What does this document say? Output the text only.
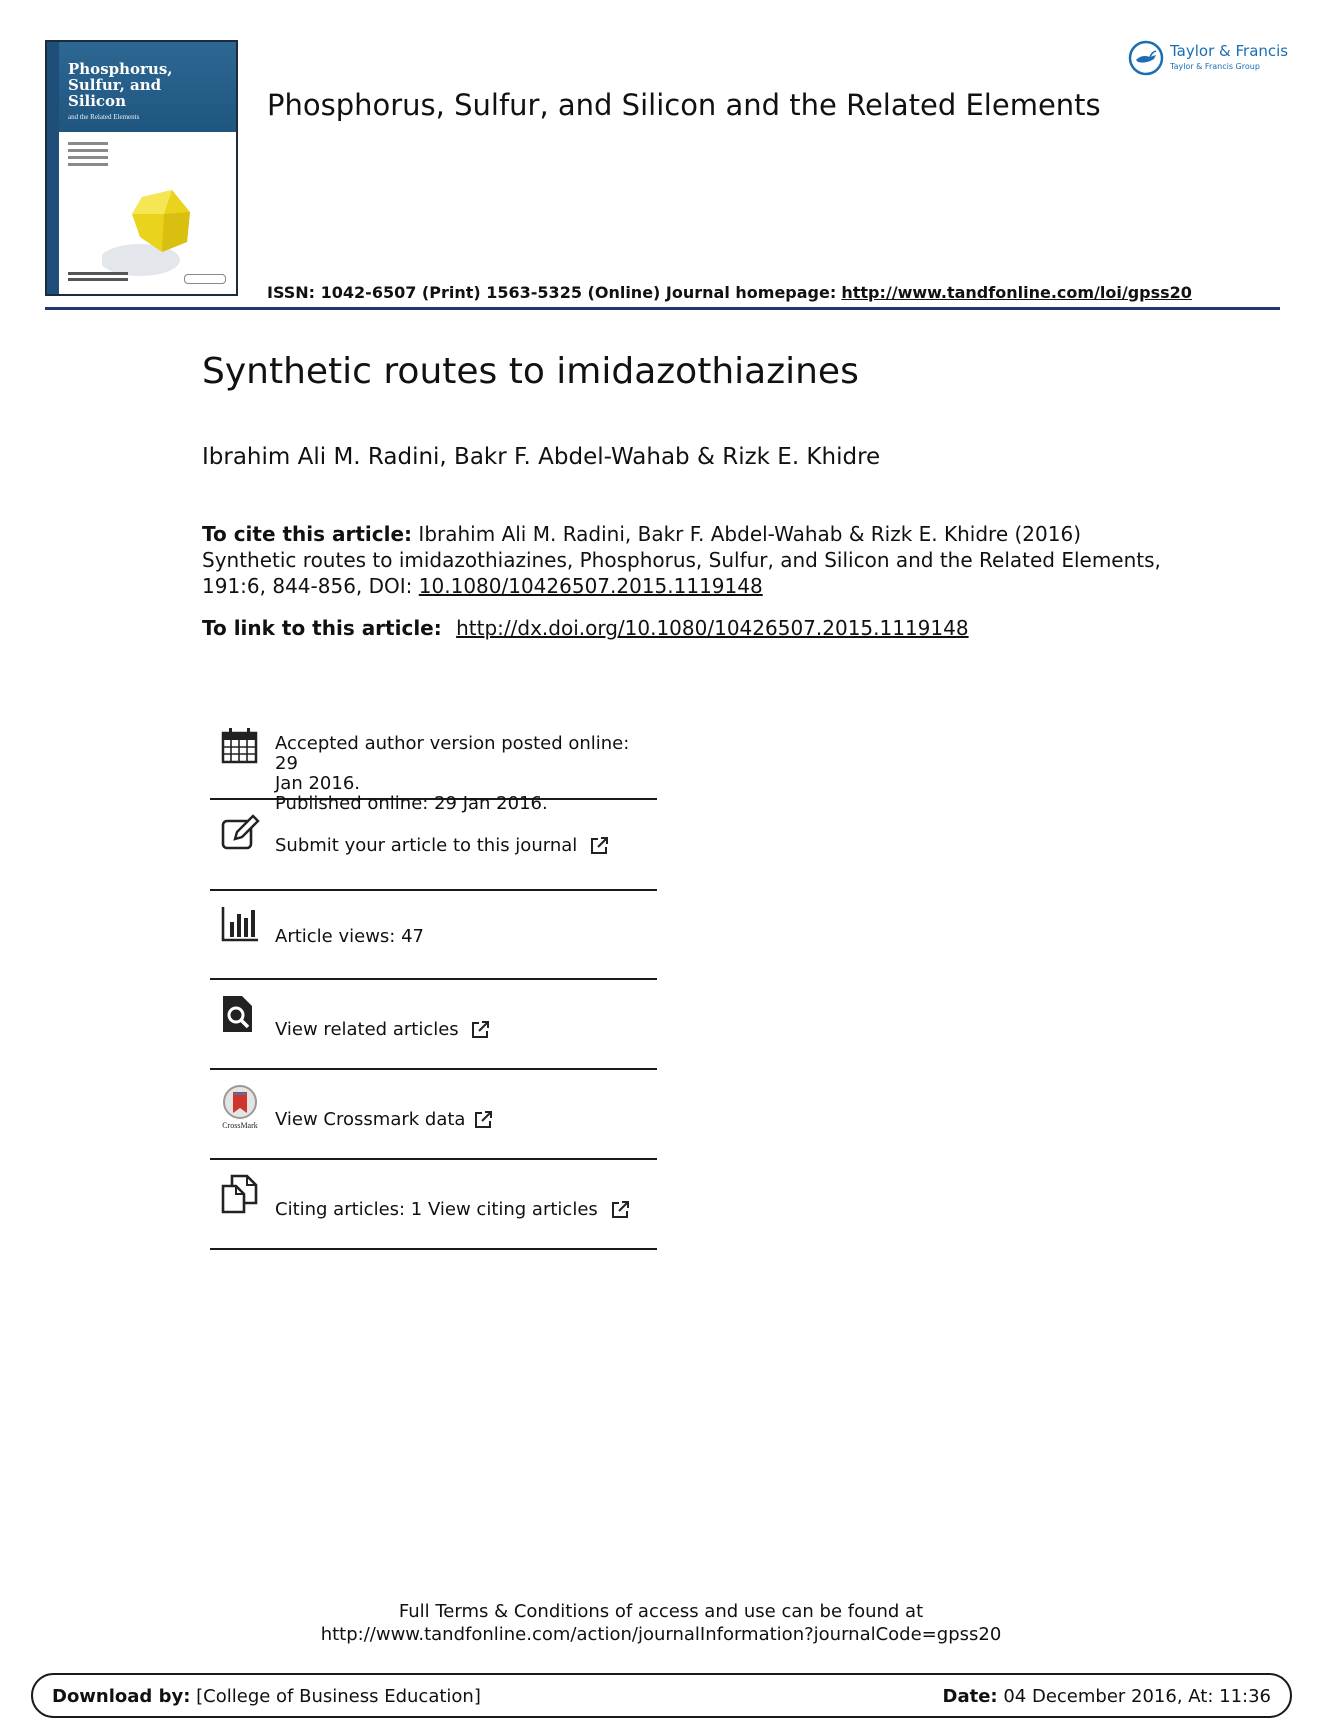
Phosphorus,
Sulfur, and
Silicon
and the Related Elements	Phosphorus, Sulfur, and Silicon and the Related Elements
ISSN: 1042-6507 (Print) 1563-5325 (Online) Journal homepage: http://www.tandfonline.com/loi/gpss20
Taylor & Francis
Taylor & Francis Group
Synthetic routes to imidazothiazines
Ibrahim Ali M. Radini, Bakr F. Abdel-Wahab & Rizk E. Khidre
To cite this article: Ibrahim Ali M. Radini, Bakr F. Abdel-Wahab & Rizk E. Khidre (2016) Synthetic routes to imidazothiazines, Phosphorus, Sulfur, and Silicon and the Related Elements, 191:6, 844-856, DOI: 10.1080/10426507.2015.1119148
To link to this article: http://dx.doi.org/10.1080/10426507.2015.1119148
Accepted author version posted online: 29
Jan 2016.
Published online: 29 Jan 2016.
Submit your article to this journal
Article views: 47
View related articles
CrossMark View Crossmark data
Citing articles: 1 View citing articles
Full Terms & Conditions of access and use can be found at
http://www.tandfonline.com/action/journalInformation?journalCode=gpss20
Download by: [College of Business Education]	Date: 04 December 2016, At: 11:36
